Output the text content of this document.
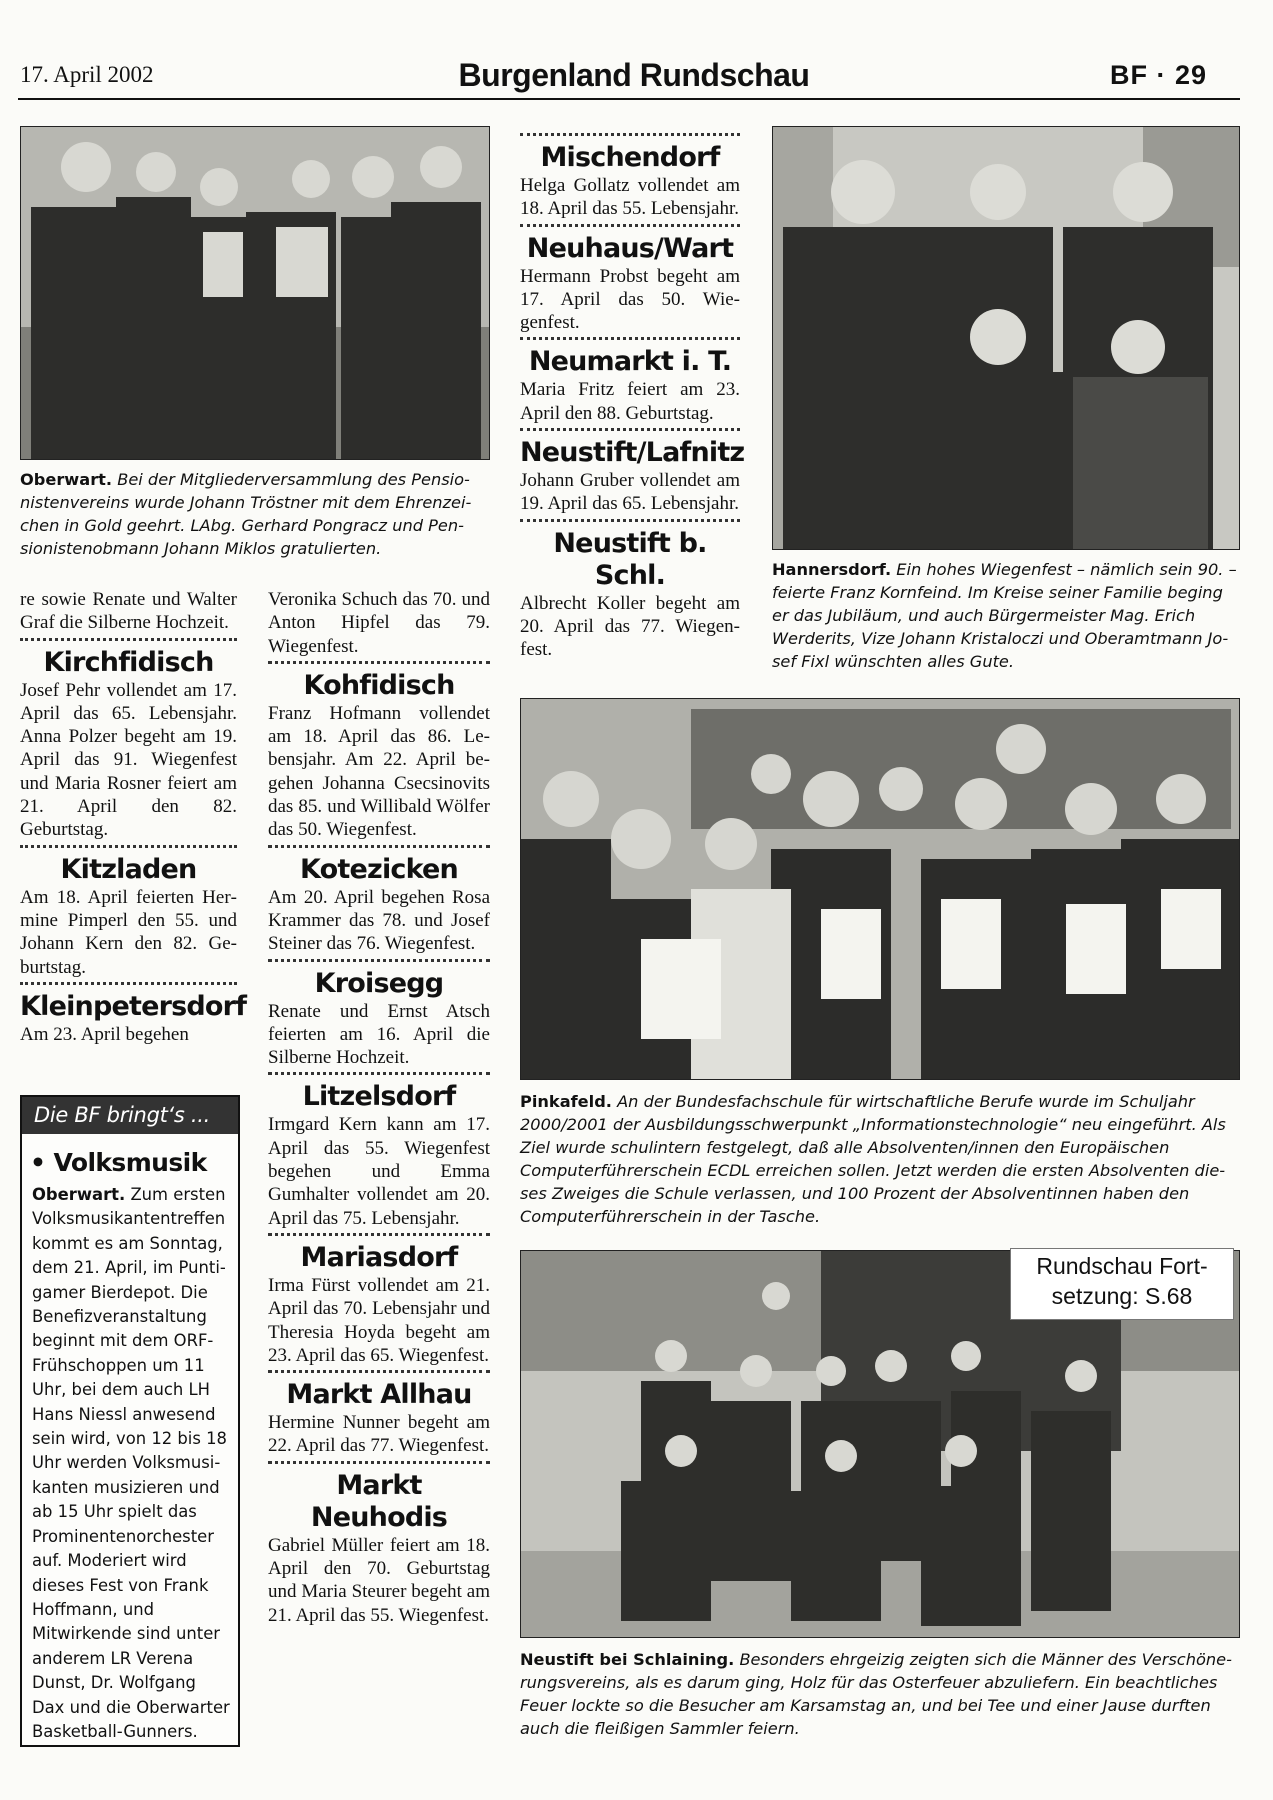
17. April 2002	Burgenland Rundschau	BF · 29
Oberwart. Bei der Mitgliederversammlung des Pensionistenvereins wurde Johann Tröstner mit dem Ehrenzeichen in Gold geehrt. LAbg. Gerhard Pongracz und Pensionistenobmann Johann Miklos gratulierten.
Hannersdorf. Ein hohes Wiegenfest – nämlich sein 90. – feierte Franz Kornfeind. Im Kreise seiner Familie beging er das Jubiläum, und auch Bürgermeister Mag. Erich Werderits, Vize Johann Kristaloczi und Oberamtmann Josef Fixl wünschten alles Gute.
Pinkafeld. An der Bundesfachschule für wirtschaftliche Berufe wurde im Schuljahr 2000/2001 der Ausbildungsschwerpunkt „Informationstechnologie“ neu eingeführt. Als Ziel wurde schulintern festgelegt, daß alle Absolventen/innen den Europäischen Computerführerschein ECDL erreichen sollen. Jetzt werden die ersten Absolventen dieses Zweiges die Schule verlassen, und 100 Prozent der Absolventinnen haben den Computerführerschein in der Tasche.
Neustift bei Schlaining. Besonders ehrgeizig zeigten sich die Männer des Verschönerungsvereins, als es darum ging, Holz für das Osterfeuer abzuliefern. Ein beachtliches Feuer lockte so die Besucher am Karsamstag an, und bei Tee und einer Jause durften auch die fleißigen Sammler feiern.
Rundschau Fort-
setzung: S.68

re sowie Renate und Walter Graf die Silberne Hochzeit.

Kirchfidisch

Josef Pehr vollendet am 17. April das 65. Lebensjahr. Anna Polzer begeht am 19. April das 91. Wiegenfest und Maria Rosner feiert am 21. April den 82. Geburtstag.

Kitzladen

Am 18. April feierten Hermine Pimperl den 55. und Johann Kern den 82. Geburtstag.

Kleinpetersdorf

Am 23. April begehen

Die BF bringt‘s ...
• Volksmusik
Oberwart. Zum ersten Volksmusikantentreffen kommt es am Sonntag, dem 21. April, im Puntigamer Bierdepot. Die Benefizveranstaltung beginnt mit dem ORF-Frühschoppen um 11 Uhr, bei dem auch LH Hans Niessl anwesend sein wird, von 12 bis 18 Uhr werden Volksmusikanten musizieren und ab 15 Uhr spielt das Prominentenorchester auf. Moderiert wird dieses Fest von Frank Hoffmann, und Mitwirkende sind unter anderem LR Verena Dunst, Dr. Wolfgang Dax und die Oberwarter Basketball-Gunners.

Veronika Schuch das 70. und Anton Hipfel das 79. Wiegenfest.

Kohfidisch

Franz Hofmann vollendet am 18. April das 86. Lebensjahr. Am 22. April begehen Johanna Csecsinovits das 85. und Willibald Wölfer das 50. Wiegenfest.

Kotezicken

Am 20. April begehen Rosa Krammer das 78. und Josef Steiner das 76. Wiegenfest.

Kroisegg

Renate und Ernst Atsch feierten am 16. April die Silberne Hochzeit.

Litzelsdorf

Irmgard Kern kann am 17. April das 55. Wiegenfest begehen und Emma Gumhalter vollendet am 20. April das 75. Lebensjahr.

Mariasdorf

Irma Fürst vollendet am 21. April das 70. Lebensjahr und Theresia Hoyda begeht am 23. April das 65. Wiegenfest.

Markt Allhau

Hermine Nunner begeht am 22. April das 77. Wiegenfest.

Markt Neuhodis

Gabriel Müller feiert am 18. April den 70. Geburtstag und Maria Steurer begeht am 21. April das 55. Wiegenfest.

Mischendorf

Helga Gollatz vollendet am 18. April das 55. Lebensjahr.

Neuhaus/Wart

Hermann Probst begeht am 17. April das 50. Wiegenfest.

Neumarkt i. T.

Maria Fritz feiert am 23. April den 88. Geburtstag.

Neustift/Lafnitz

Johann Gruber vollendet am 19. April das 65. Lebensjahr.

Neustift b. Schl.

Albrecht Koller begeht am 20. April das 77. Wiegenfest.
